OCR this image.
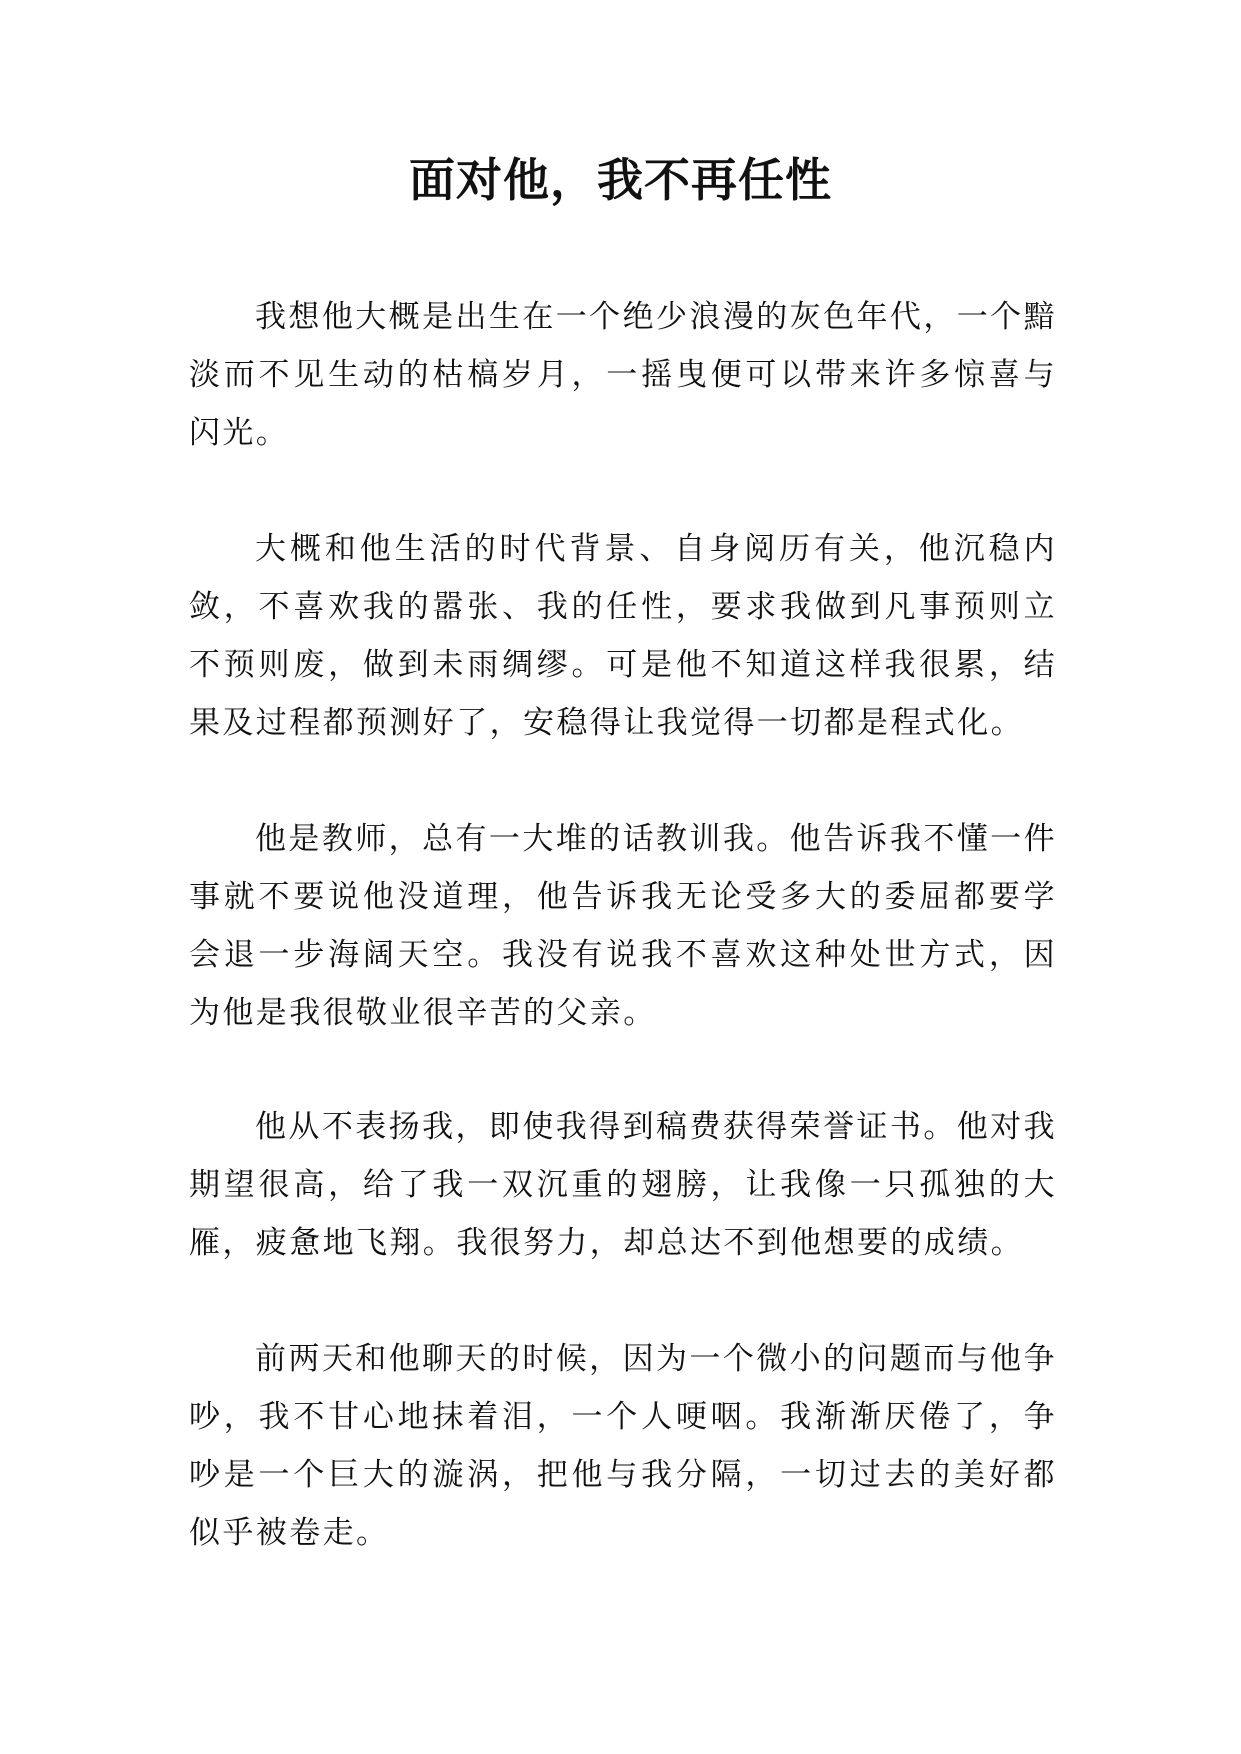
面对他，我不再任性

我想他大概是出生在一个绝少浪漫的灰色年代，一个黯淡而不见生动的枯槁岁月，一摇曳便可以带来许多惊喜与闪光。

大概和他生活的时代背景、自身阅历有关，他沉稳内敛，不喜欢我的嚣张、我的任性，要求我做到凡事预则立不预则废，做到未雨绸缪。可是他不知道这样我很累，结果及过程都预测好了，安稳得让我觉得一切都是程式化。

他是教师，总有一大堆的话教训我。他告诉我不懂一件事就不要说他没道理，他告诉我无论受多大的委屈都要学会退一步海阔天空。我没有说我不喜欢这种处世方式，因为他是我很敬业很辛苦的父亲。

他从不表扬我，即使我得到稿费获得荣誉证书。他对我期望很高，给了我一双沉重的翅膀，让我像一只孤独的大雁，疲惫地飞翔。我很努力，却总达不到他想要的成绩。

前两天和他聊天的时候，因为一个微小的问题而与他争吵，我不甘心地抹着泪，一个人哽咽。我渐渐厌倦了，争吵是一个巨大的漩涡，把他与我分隔，一切过去的美好都似乎被卷走。
